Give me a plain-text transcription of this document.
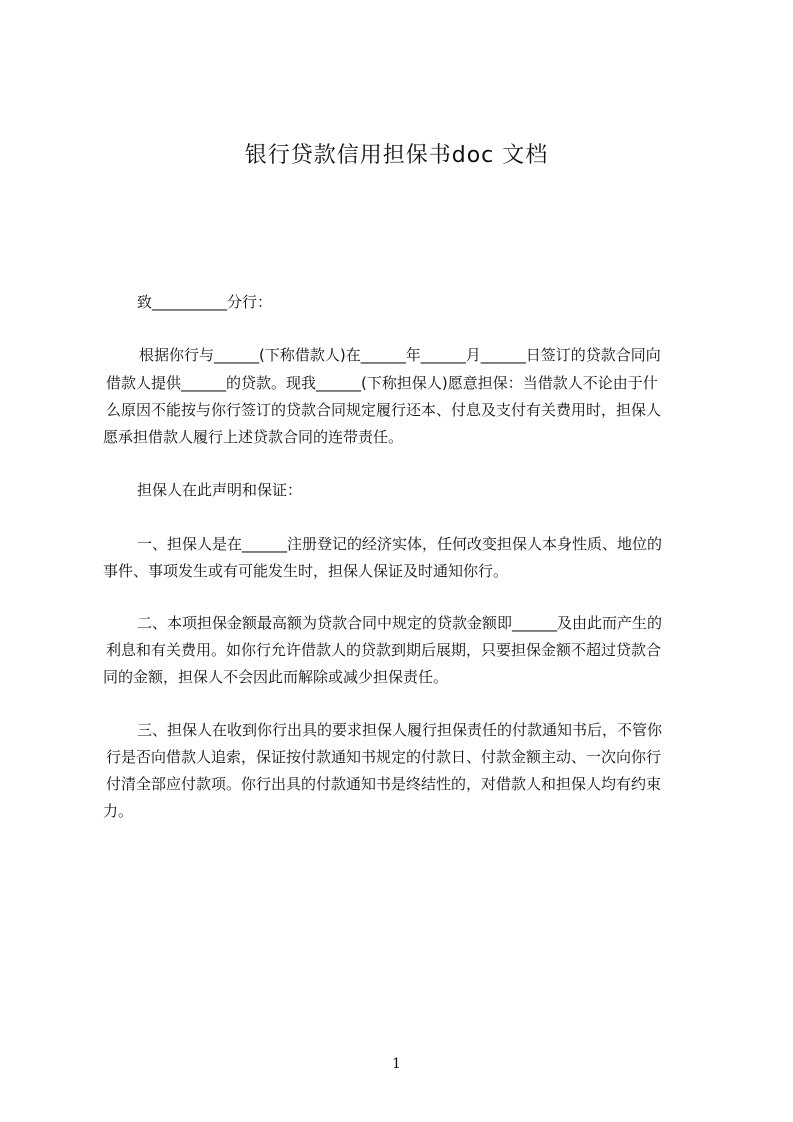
银行贷款信用担保书doc 文档
致__________分行：
根据你行与______(下称借款人)在______年______月______日签订的贷款合同向
借款人提供______的贷款。现我______(下称担保人)愿意担保：当借款人不论由于什
么原因不能按与你行签订的贷款合同规定履行还本、付息及支付有关费用时，担保人
愿承担借款人履行上述贷款合同的连带责任。
担保人在此声明和保证：
一、担保人是在______注册登记的经济实体，任何改变担保人本身性质、地位的
事件、事项发生或有可能发生时，担保人保证及时通知你行。
二、本项担保金额最高额为贷款合同中规定的贷款金额即______及由此而产生的
利息和有关费用。如你行允许借款人的贷款到期后展期，只要担保金额不超过贷款合
同的金额，担保人不会因此而解除或减少担保责任。
三、担保人在收到你行出具的要求担保人履行担保责任的付款通知书后，不管你
行是否向借款人追索，保证按付款通知书规定的付款日、付款金额主动、一次向你行
付清全部应付款项。你行出具的付款通知书是终结性的，对借款人和担保人均有约束
力。
1
